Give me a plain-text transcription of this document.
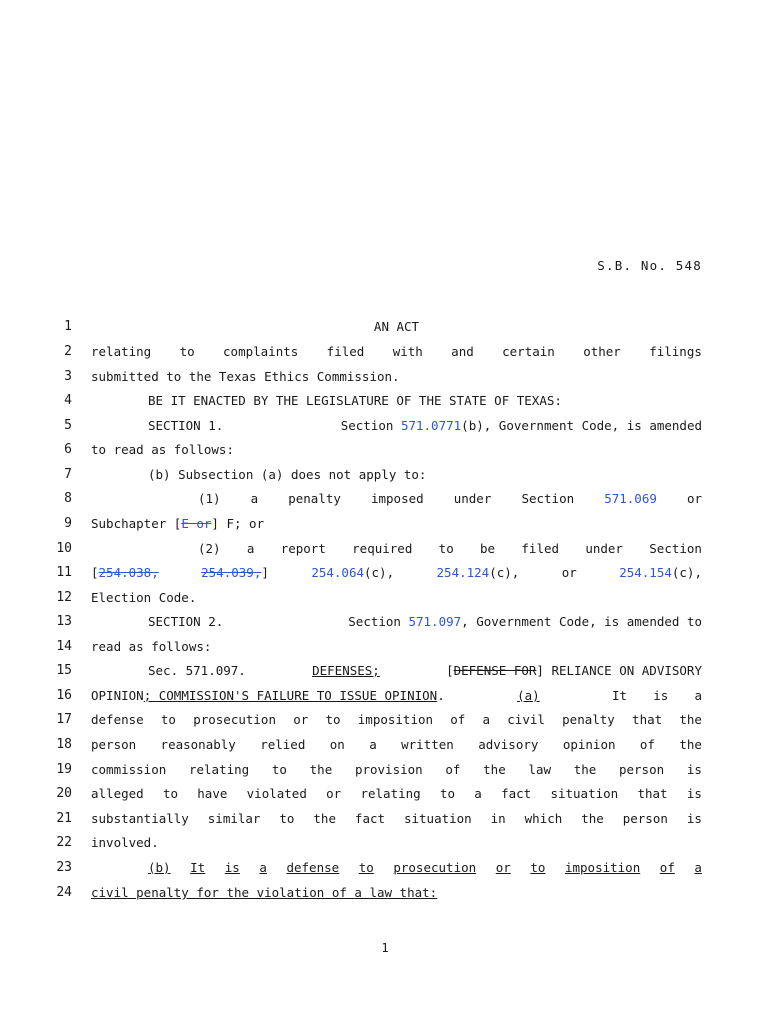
S.B. No. 548
1	AN ACT
2 relating to complaints filed with and certain other filings
3 submitted to the Texas Ethics Commission.
4	BE IT ENACTED BY THE LEGISLATURE OF THE STATE OF TEXAS:
5	SECTION 1.	Section 571.0771(b), Government Code, is amended
6 to read as follows:
7	(b) Subsection (a) does not apply to:
8	(1) a penalty imposed under Section 571.069 or
9 Subchapter [E or] F; or
10	(2) a report required to be filed under Section
11 [254.038,	254.039,]	254.064(c),	254.124(c),	or	254.154(c),
12 Election Code.
13	SECTION 2.	Section 571.097, Government Code, is amended to
14 read as follows:
15	Sec. 571.097.	DEFENSES;	[DEFENSE FOR] RELIANCE ON ADVISORY
16 OPINION; COMMISSION'S FAILURE TO ISSUE OPINION.	(a)	It is a
17 defense to prosecution or to imposition of a civil penalty that the
18 person reasonably relied on a written advisory opinion of the
19 commission relating to the provision of the law the person is
20 alleged to have violated or relating to a fact situation that is
21 substantially similar to the fact situation in which the person is
22 involved.
23	(b) It is a defense to prosecution or to imposition of a
24 civil penalty for the violation of a law that:
1
